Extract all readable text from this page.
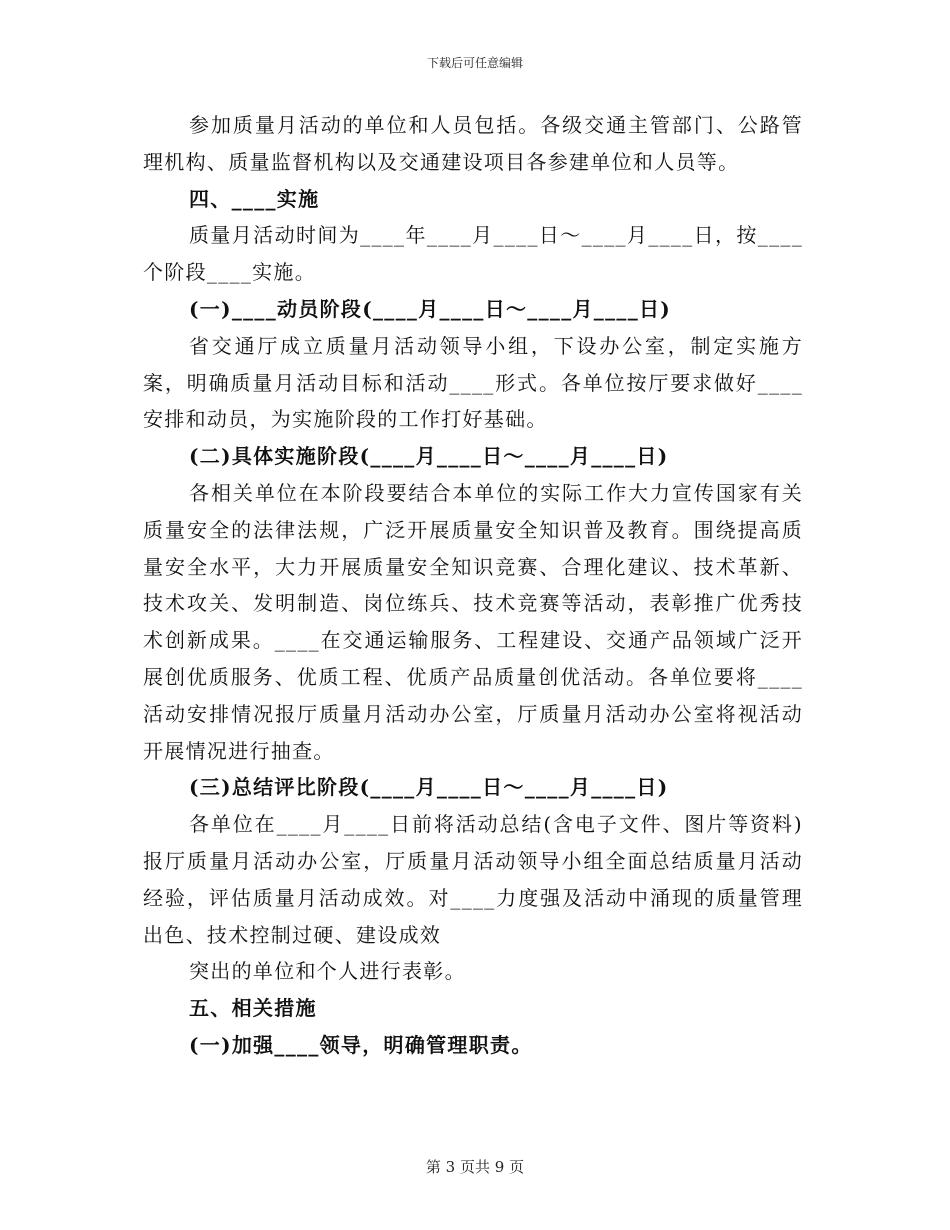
下载后可任意编辑

参加质量月活动的单位和人员包括。各级交通主管部门、公路管理机构、质量监督机构以及交通建设项目各参建单位和人员等。

四、____实施

质量月活动时间为____年____月____日～____月____日，按____个阶段____实施。

(一)____动员阶段(____月____日～____月____日)

省交通厅成立质量月活动领导小组，下设办公室，制定实施方案，明确质量月活动目标和活动____形式。各单位按厅要求做好____安排和动员，为实施阶段的工作打好基础。

(二)具体实施阶段(____月____日～____月____日)

各相关单位在本阶段要结合本单位的实际工作大力宣传国家有关质量安全的法律法规，广泛开展质量安全知识普及教育。围绕提高质量安全水平，大力开展质量安全知识竞赛、合理化建议、技术革新、技术攻关、发明制造、岗位练兵、技术竞赛等活动，表彰推广优秀技术创新成果。____在交通运输服务、工程建设、交通产品领域广泛开展创优质服务、优质工程、优质产品质量创优活动。各单位要将____活动安排情况报厅质量月活动办公室，厅质量月活动办公室将视活动开展情况进行抽查。

(三)总结评比阶段(____月____日～____月____日)

各单位在____月____日前将活动总结(含电子文件、图片等资料)报厅质量月活动办公室，厅质量月活动领导小组全面总结质量月活动经验，评估质量月活动成效。对____力度强及活动中涌现的质量管理出色、技术控制过硬、建设成效

突出的单位和个人进行表彰。

五、相关措施

(一)加强____领导，明确管理职责。

第 3 页共 9 页
